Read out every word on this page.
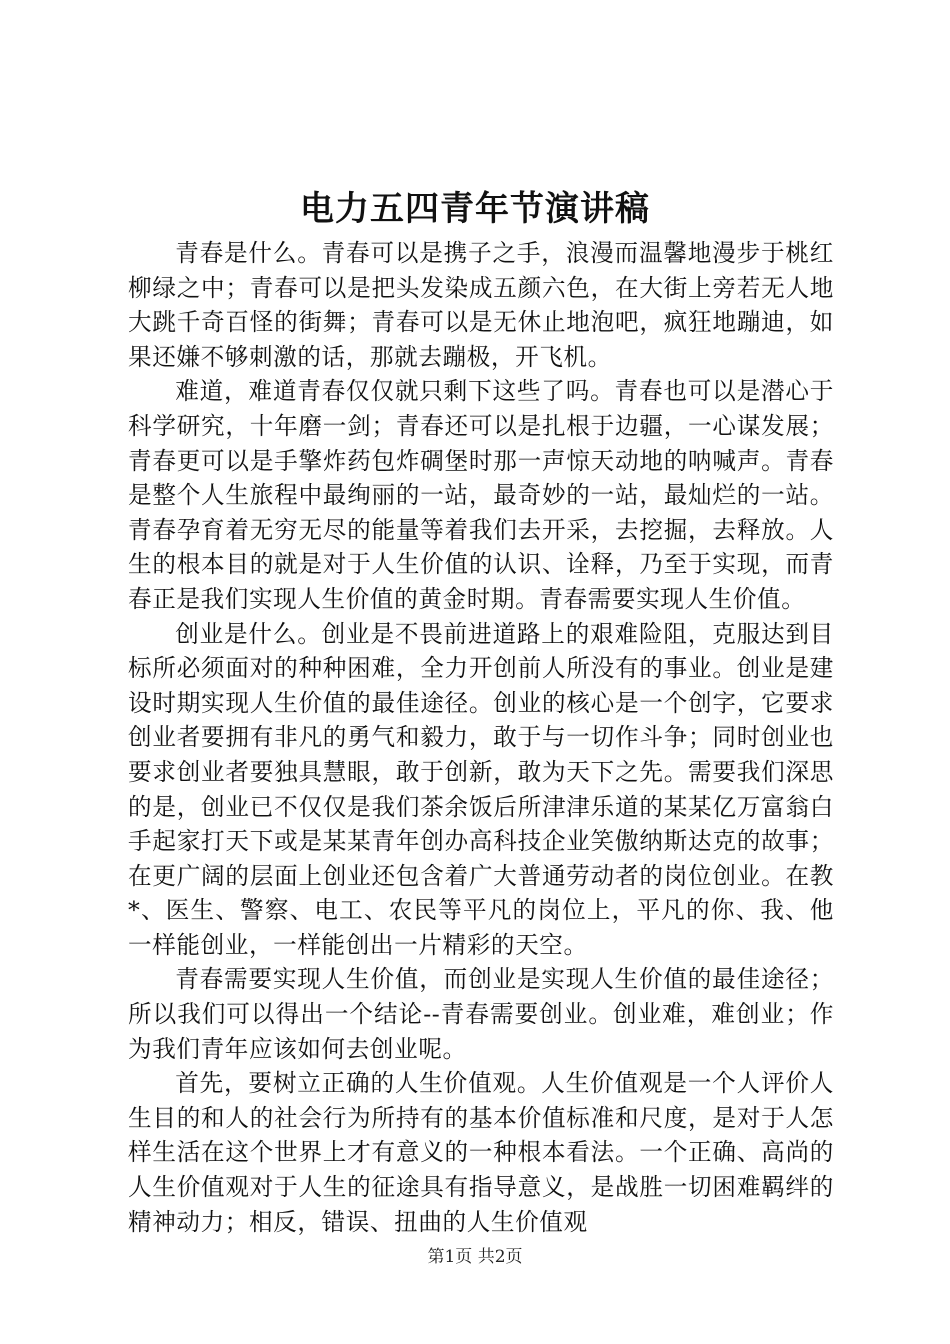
电力五四青年节演讲稿

青春是什么。青春可以是携子之手，浪漫而温馨地漫步于桃红柳绿之中；青春可以是把头发染成五颜六色，在大街上旁若无人地大跳千奇百怪的街舞；青春可以是无休止地泡吧，疯狂地蹦迪，如果还嫌不够刺激的话，那就去蹦极，开飞机。

难道，难道青春仅仅就只剩下这些了吗。青春也可以是潜心于科学研究，十年磨一剑；青春还可以是扎根于边疆，一心谋发展；青春更可以是手擎炸药包炸碉堡时那一声惊天动地的呐喊声。青春是整个人生旅程中最绚丽的一站，最奇妙的一站，最灿烂的一站。青春孕育着无穷无尽的能量等着我们去开采，去挖掘，去释放。人生的根本目的就是对于人生价值的认识、诠释，乃至于实现，而青春正是我们实现人生价值的黄金时期。青春需要实现人生价值。

创业是什么。创业是不畏前进道路上的艰难险阻，克服达到目标所必须面对的种种困难，全力开创前人所没有的事业。创业是建设时期实现人生价值的最佳途径。创业的核心是一个创字，它要求创业者要拥有非凡的勇气和毅力，敢于与一切作斗争；同时创业也要求创业者要独具慧眼，敢于创新，敢为天下之先。需要我们深思的是，创业已不仅仅是我们茶余饭后所津津乐道的某某亿万富翁白手起家打天下或是某某青年创办高科技企业笑傲纳斯达克的故事；在更广阔的层面上创业还包含着广大普通劳动者的岗位创业。在教*、医生、警察、电工、农民等平凡的岗位上，平凡的你、我、他一样能创业，一样能创出一片精彩的天空。

青春需要实现人生价值，而创业是实现人生价值的最佳途径；所以我们可以得出一个结论--青春需要创业。创业难，难创业；作为我们青年应该如何去创业呢。

首先，要树立正确的人生价值观。人生价值观是一个人评价人生目的和人的社会行为所持有的基本价值标准和尺度，是对于人怎样生活在这个世界上才有意义的一种根本看法。一个正确、高尚的人生价值观对于人生的征途具有指导意义，是战胜一切困难羁绊的精神动力；相反，错误、扭曲的人生价值观

第1页 共2页
